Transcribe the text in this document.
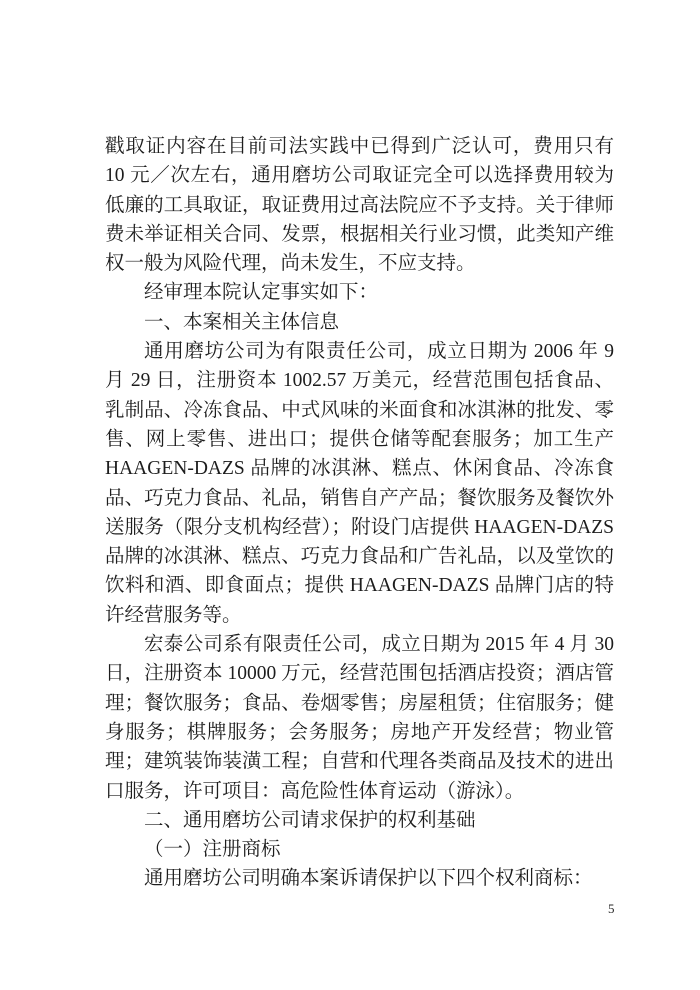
戳取证内容在目前司法实践中已得到广泛认可，费用只有 10 元／次左右，通用磨坊公司取证完全可以选择费用较为低廉的工具取证，取证费用过高法院应不予支持。关于律师费未举证相关合同、发票，根据相关行业习惯，此类知产维权一般为风险代理，尚未发生，不应支持。

经审理本院认定事实如下：

一、本案相关主体信息

通用磨坊公司为有限责任公司，成立日期为 2006 年 9 月 29 日，注册资本 1002.57 万美元，经营范围包括食品、乳制品、冷冻食品、中式风味的米面食和冰淇淋的批发、零售、网上零售、进出口；提供仓储等配套服务；加工生产 HAAGEN-DAZS 品牌的冰淇淋、糕点、休闲食品、冷冻食品、巧克力食品、礼品，销售自产产品；餐饮服务及餐饮外送服务（限分支机构经营）；附设门店提供 HAAGEN-DAZS 品牌的冰淇淋、糕点、巧克力食品和广告礼品，以及堂饮的饮料和酒、即食面点；提供 HAAGEN-DAZS 品牌门店的特许经营服务等。

宏泰公司系有限责任公司，成立日期为 2015 年 4 月 30 日，注册资本 10000 万元，经营范围包括酒店投资；酒店管理；餐饮服务；食品、卷烟零售；房屋租赁；住宿服务；健身服务；棋牌服务；会务服务；房地产开发经营；物业管理；建筑装饰装潢工程；自营和代理各类商品及技术的进出口服务，许可项目：高危险性体育运动（游泳）。

二、通用磨坊公司请求保护的权利基础

（一）注册商标

通用磨坊公司明确本案诉请保护以下四个权利商标：

5
